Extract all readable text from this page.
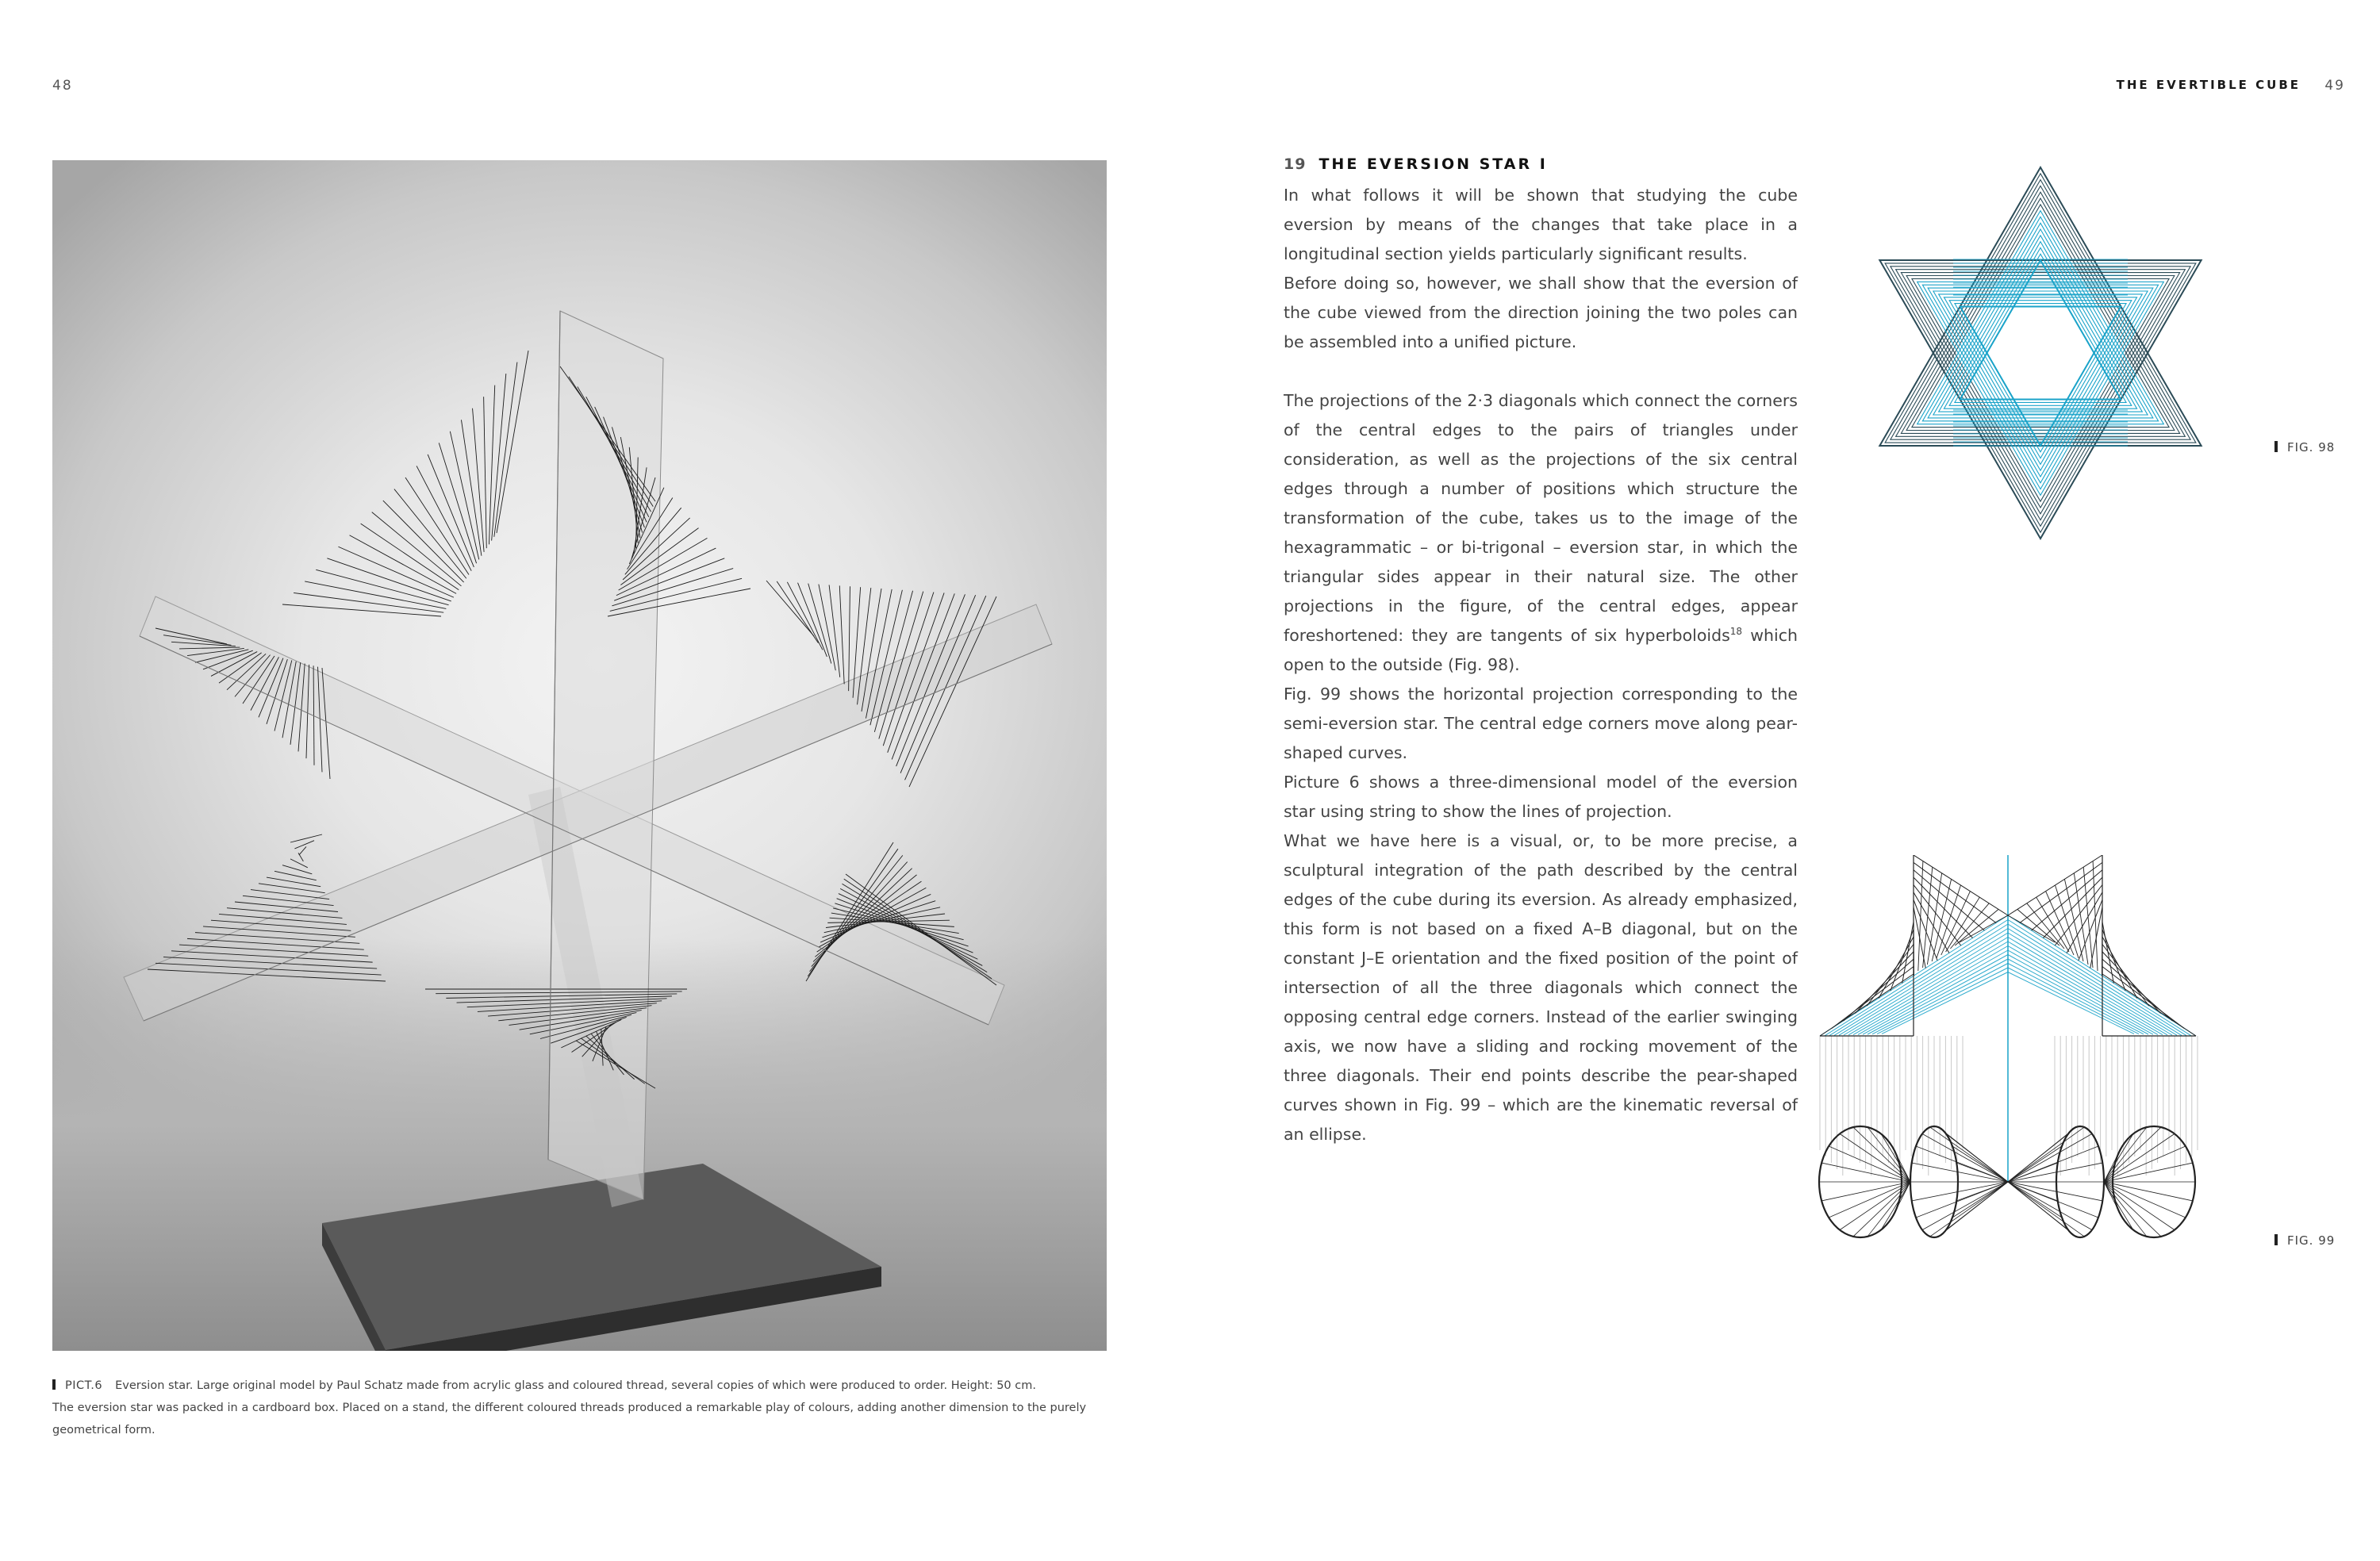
48
PICT.6 Eversion star. Large original model by Paul Schatz made from acrylic glass and coloured thread, several copies of which were produced to order. Height: 50 cm.
The eversion star was packed in a cardboard box. Placed on a stand, the different coloured threads produced a remarkable play of colours, adding another dimension to the purely geometrical form.
THE EVERTIBLE CUBE 49
19 THE EVERSION STAR I

In what follows it will be shown that studying the cube eversion by means of the changes that take place in a longitudinal section yields particularly significant results.

Before doing so, however, we shall show that the eversion of the cube viewed from the direction joining the two poles can be assembled into a unified picture.

The projections of the 2·3 diagonals which connect the corners of the central edges to the pairs of triangles under consideration, as well as the projections of the six central edges through a number of positions which structure the transformation of the cube, takes us to the image of the hexagrammatic – or bi-trigonal – eversion star, in which the triangular sides appear in their natural size. The other projections in the figure, of the central edges, appear foreshortened: they are tangents of six hyperboloids$^{18}$ which open to the outside (Fig. 98).

Fig. 99 shows the horizontal projection corresponding to the semi-eversion star. The central edge corners move along pear-shaped curves.

Picture 6 shows a three-dimensional model of the eversion star using string to show the lines of projection.

What we have here is a visual, or, to be more precise, a sculptural integration of the path described by the central edges of the cube during its eversion. As already emphasized, this form is not based on a fixed A–B diagonal, but on the constant J–E orientation and the fixed position of the point of intersection of all the three diagonals which connect the opposing central edge corners. Instead of the earlier swinging axis, we now have a sliding and rocking movement of the three diagonals. Their end points describe the pear-shaped curves shown in Fig. 99 – which are the kinematic reversal of an ellipse.

FIG. 98
FIG. 99
